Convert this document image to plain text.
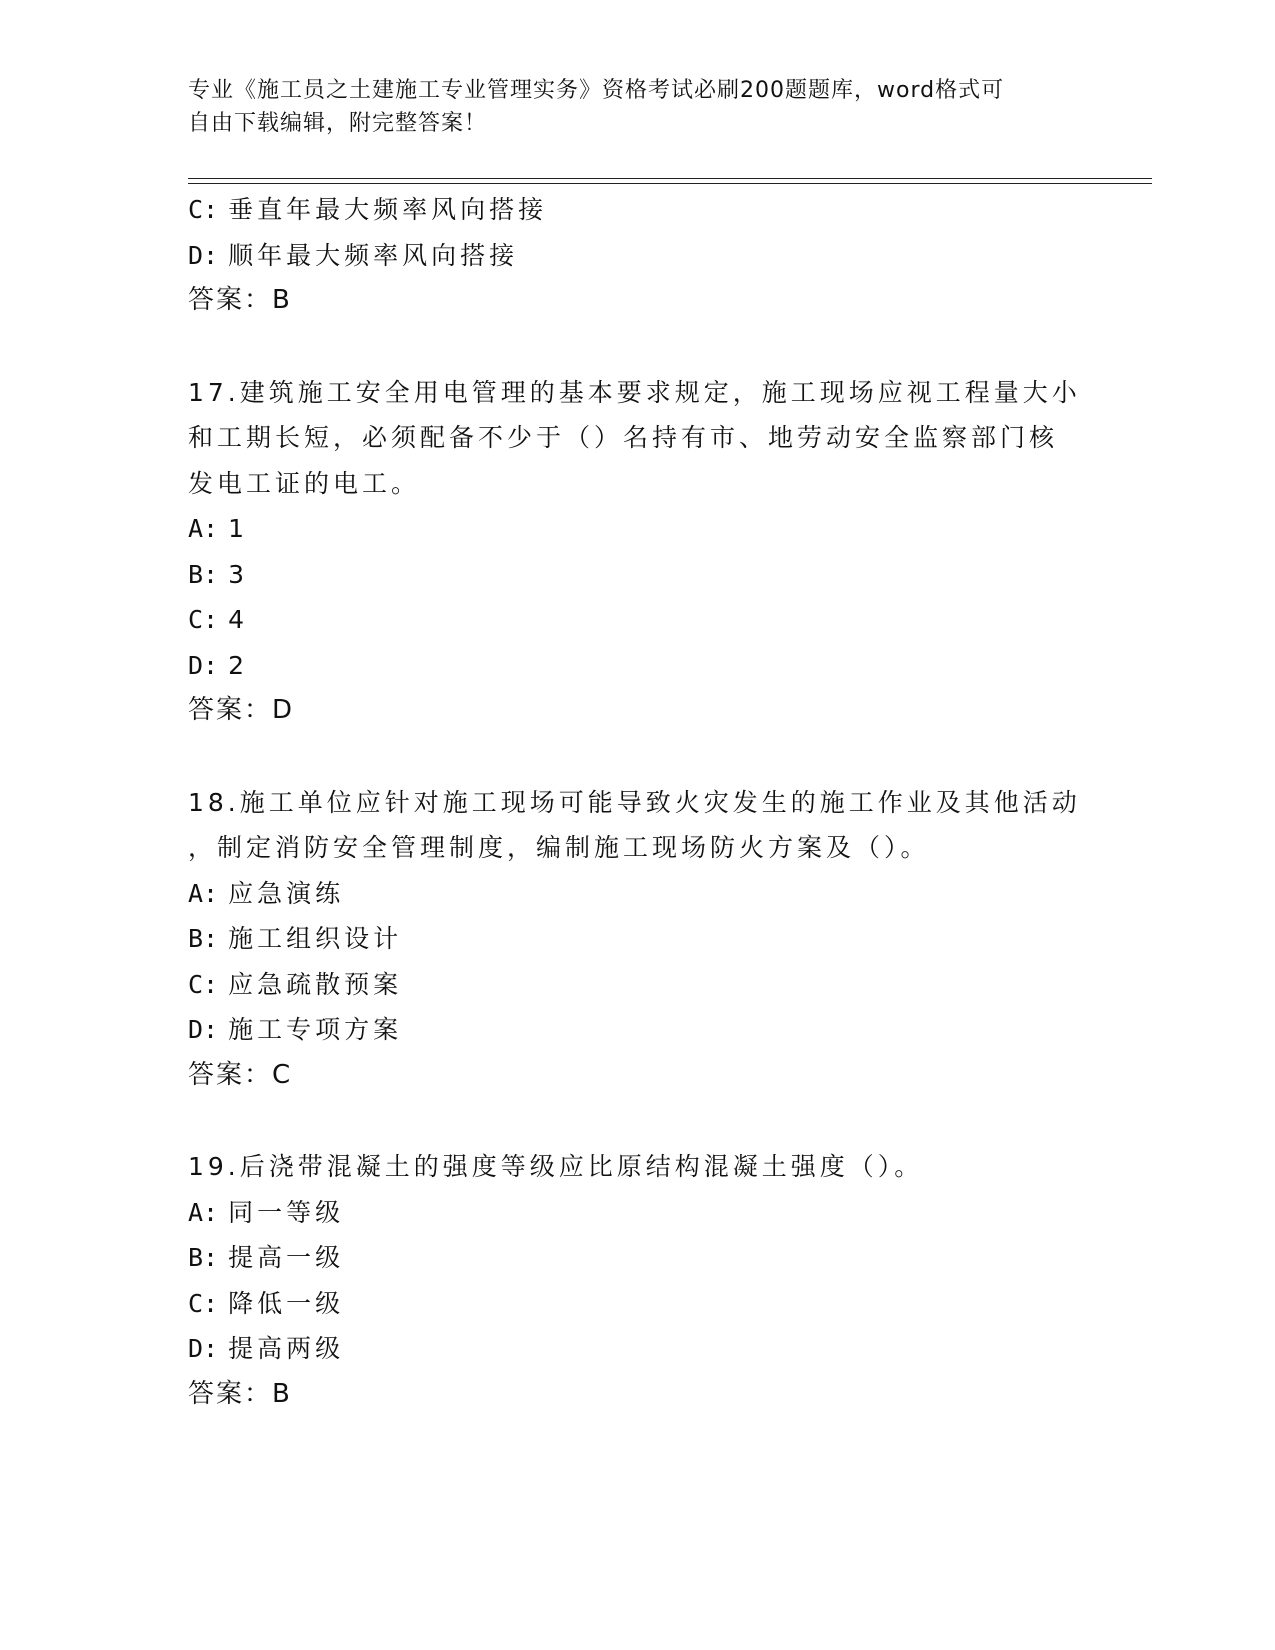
专业《施工员之土建施工专业管理实务》资格考试必刷200题题库，word格式可
自由下载编辑，附完整答案！
C: 垂直年最大频率风向搭接
D: 顺年最大频率风向搭接
答案：B
17.建筑施工安全用电管理的基本要求规定，施工现场应视工程量大小
和工期长短，必须配备不少于（）名持有市、地劳动安全监察部门核
发电工证的电工。
A: 1
B: 3
C: 4
D: 2
答案：D
18.施工单位应针对施工现场可能导致火灾发生的施工作业及其他活动
，制定消防安全管理制度，编制施工现场防火方案及（）。
A: 应急演练
B: 施工组织设计
C: 应急疏散预案
D: 施工专项方案
答案：C
19.后浇带混凝土的强度等级应比原结构混凝土强度（）。
A: 同一等级
B: 提高一级
C: 降低一级
D: 提高两级
答案：B
